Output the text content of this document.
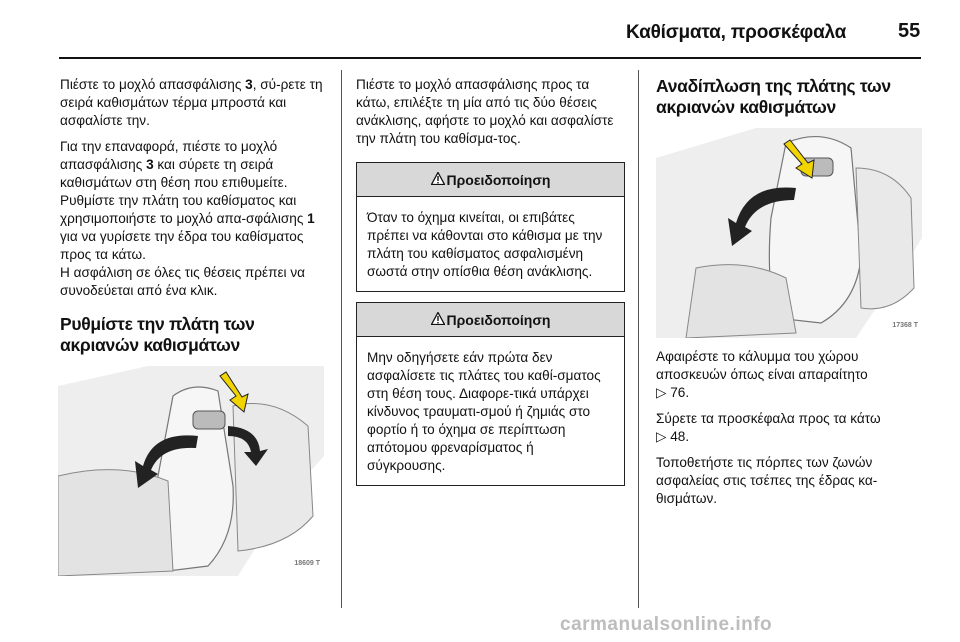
Καθίσματα, προσκέφαλα	55

Πιέστε το μοχλό απασφάλισης 3, σύ-ρετε τη σειρά καθισμάτων τέρμα μπροστά και ασφαλίστε την.

Για την επαναφορά, πιέστε το μοχλό απασφάλισης 3 και σύρετε τη σειρά καθισμάτων στη θέση που επιθυμείτε.

Ρυθμίστε την πλάτη του καθίσματος και χρησιμοποιήστε το μοχλό απα-σφάλισης 1 για να γυρίσετε την έδρα του καθίσματος προς τα κάτω.

Η ασφάλιση σε όλες τις θέσεις πρέπει να συνοδεύεται από ένα κλικ.

Ρυθμίστε την πλάτη των ακριανών καθισμάτων
18609 T

Πιέστε το μοχλό απασφάλισης προς τα κάτω, επιλέξτε τη μία από τις δύο θέσεις ανάκλισης, αφήστε το μοχλό και ασφαλίστε την πλάτη του καθίσμα-τος.

Προειδοποίηση
Όταν το όχημα κινείται, οι επιβάτες πρέπει να κάθονται στο κάθισμα με την πλάτη του καθίσματος ασφαλισμένη σωστά στην οπίσθια θέση ανάκλισης.
Προειδοποίηση
Μην οδηγήσετε εάν πρώτα δεν ασφαλίσετε τις πλάτες του καθί-σματος στη θέση τους. Διαφορε-τικά υπάρχει κίνδυνος τραυματι-σμού ή ζημιάς στο φορτίο ή το όχημα σε περίπτωση απότομου φρεναρίσματος ή σύγκρουσης.
Αναδίπλωση της πλάτης των ακριανών καθισμάτων
17368 T

Αφαιρέστε το κάλυμμα του χώρου αποσκευών όπως είναι απαραίτητο
▷ 76.

Σύρετε τα προσκέφαλα προς τα κάτω
▷ 48.

Τοποθετήστε τις πόρπες των ζωνών ασφαλείας στις τσέπες της έδρας κα-θισμάτων.

carmanualsonline.info
